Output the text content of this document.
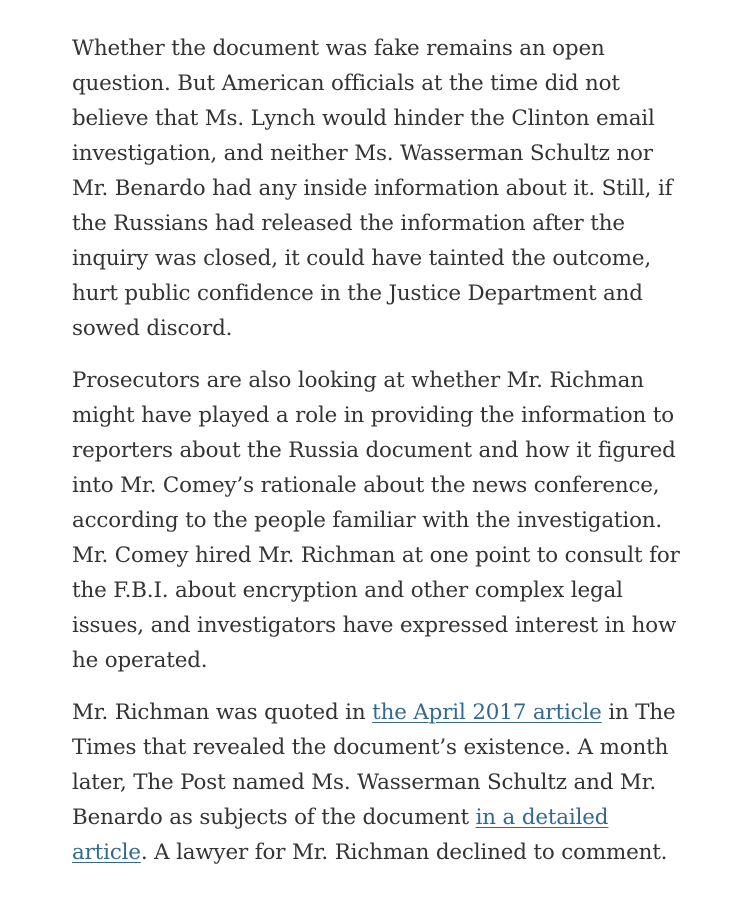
Whether the document was fake remains an open question. But American officials at the time did not believe that Ms. Lynch would hinder the Clinton email investigation, and neither Ms. Wasserman Schultz nor Mr. Benardo had any inside information about it. Still, if the Russians had released the information after the inquiry was closed, it could have tainted the outcome, hurt public confidence in the Justice Department and sowed discord.

Prosecutors are also looking at whether Mr. Richman might have played a role in providing the information to reporters about the Russia document and how it figured into Mr. Comey’s rationale about the news conference, according to the people familiar with the investigation. Mr. Comey hired Mr. Richman at one point to consult for the F.B.I. about encryption and other complex legal issues, and investigators have expressed interest in how he operated.

Mr. Richman was quoted in the April 2017 article in The Times that revealed the document’s existence. A month later, The Post named Ms. Wasserman Schultz and Mr. Benardo as subjects of the document in a detailed article. A lawyer for Mr. Richman declined to comment.
